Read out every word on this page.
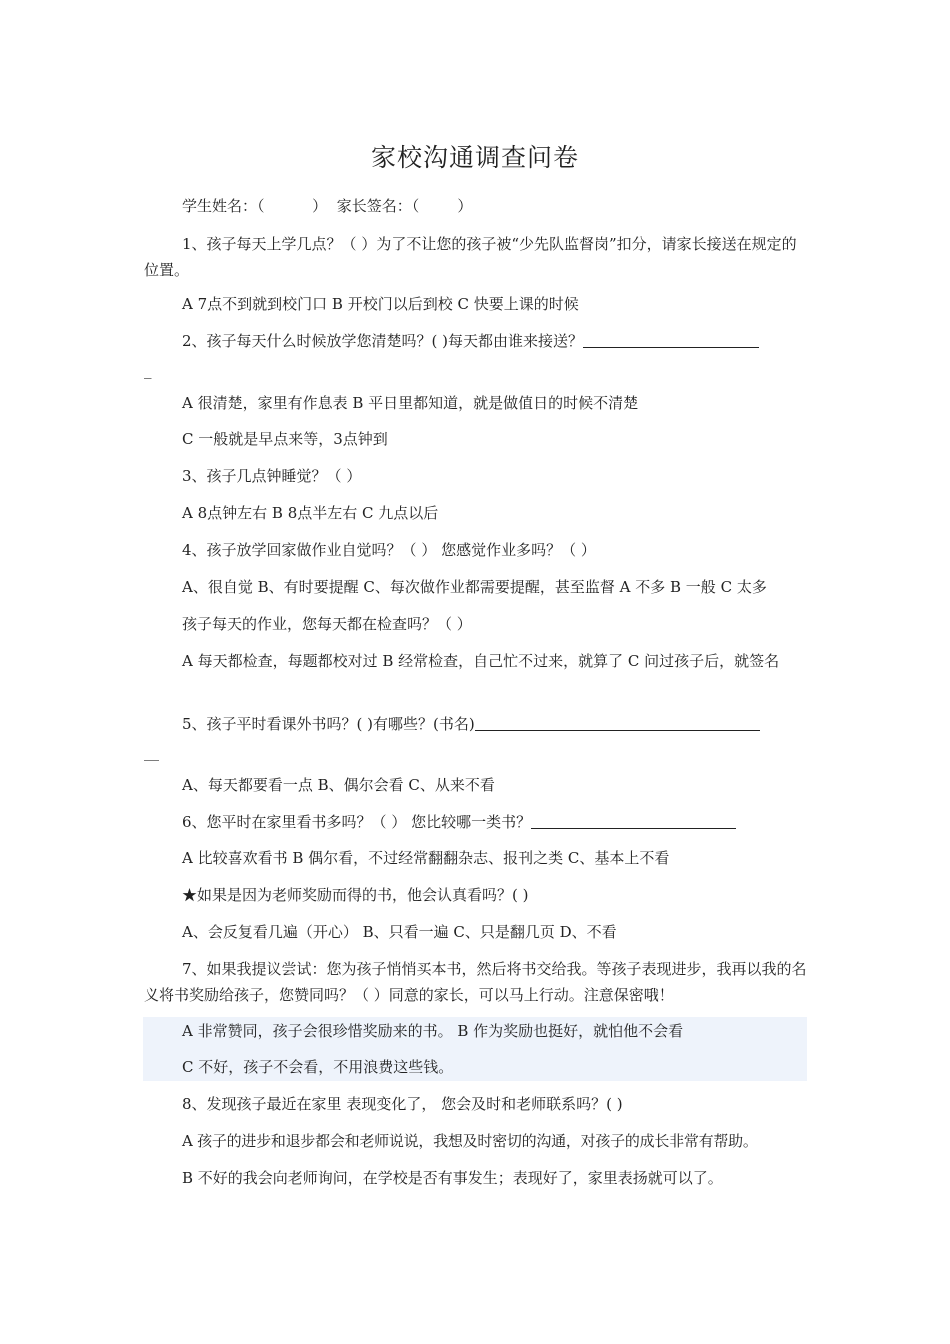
家校沟通调查问卷
学生姓名：（          ）  家长签名：（        ）
1、孩子每天上学几点？（ ）为了不让您的孩子被“少先队监督岗”扣分，请家长接送在规定的位置。
A 7点不到就到校门口 B 开校门以后到校 C 快要上课的时候
2、孩子每天什么时候放学您清楚吗？( )每天都由谁来接送？
_
A 很清楚，家里有作息表 B 平日里都知道，就是做值日的时候不清楚
C 一般就是早点来等，3点钟到
3、孩子几点钟睡觉？（ ）
A 8点钟左右 B 8点半左右 C 九点以后
4、孩子放学回家做作业自觉吗？（ ） 您感觉作业多吗？（ ）
A、很自觉 B、有时要提醒 C、每次做作业都需要提醒，甚至监督 A 不多 B 一般 C 太多
孩子每天的作业，您每天都在检查吗？（ ）
A 每天都检查，每题都校对过 B 经常检查，自己忙不过来，就算了 C 问过孩子后，就签名
5、孩子平时看课外书吗？( )有哪些？(书名)
__
A、每天都要看一点 B、偶尔会看 C、从来不看
6、您平时在家里看书多吗？（ ） 您比较哪一类书？
A 比较喜欢看书 B 偶尔看，不过经常翻翻杂志、报刊之类 C、基本上不看
★如果是因为老师奖励而得的书，他会认真看吗？( )
A、会反复看几遍（开心） B、只看一遍 C、只是翻几页 D、不看
7、如果我提议尝试：您为孩子悄悄买本书，然后将书交给我。等孩子表现进步，我再以我的名义将书奖励给孩子，您赞同吗？（ ）同意的家长，可以马上行动。注意保密哦！
A 非常赞同，孩子会很珍惜奖励来的书。 B 作为奖励也挺好，就怕他不会看
C 不好，孩子不会看，不用浪费这些钱。
8、发现孩子最近在家里 表现变化了， 您会及时和老师联系吗？( )
A 孩子的进步和退步都会和老师说说，我想及时密切的沟通，对孩子的成长非常有帮助。
B 不好的我会向老师询问，在学校是否有事发生；表现好了，家里表扬就可以了。
